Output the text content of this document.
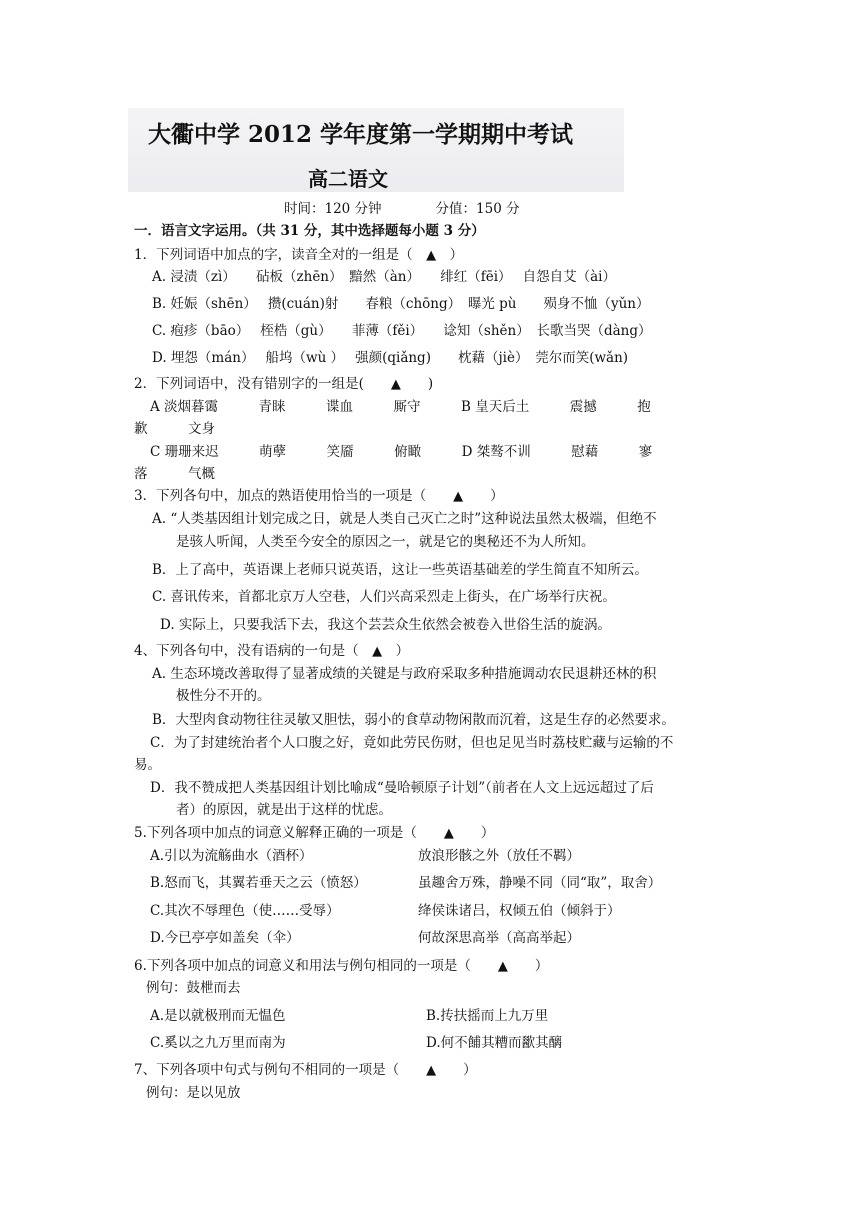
大衢中学 2012 学年度第一学期期中考试
高二语文
时间：120 分钟　　　　分值：150 分
一．语言文字运用。（共 31 分，其中选择题每小题 3 分）
1．下列词语中加点的字，读音全对的一组是（　▲　）
A. 浸渍（zì）　　砧板（zhēn）　黯然（àn）　　绯红（fēi）　 自怨自艾（ài）
B. 妊娠（shēn）　 攒(cuán)射　　春粮（chōng）　曝光 pù　　殒身不恤（yǔn）
C. 疱疹（bāo）　 桎梏（gù）　　菲薄（fěi）　　谂知（shěn）　长歌当哭（dàng）
D. 埋怨（mán）　 船坞（wù ）　 强颜(qiǎng)　　枕藉（jiè）　莞尔而笑(wǎn)
2．下列词语中，没有错别字的一组是(　　▲　　)
A 淡烟暮霭　　　青睐　　　谍血　　　厮守　　　B 皇天后土　　　震撼　　　抱
歉　　　文身
C 珊珊来迟　　　萌孽　　　笑靥　　　俯瞰　　　D 桀骜不训　　　慰藉　　　寥
落　　　气概
3．下列各句中，加点的熟语使用恰当的一项是（　　▲　　）
A. “人类基因组计划完成之日，就是人类自己灭亡之时”这种说法虽然太极端，但绝不
是骇人听闻，人类至今安全的原因之一，就是它的奥秘还不为人所知。
B．上了高中，英语课上老师只说英语，这让一些英语基础差的学生简直不知所云。
C. 喜讯传来，首都北京万人空巷，人们兴高采烈走上街头，在广场举行庆祝。
D. 实际上，只要我活下去，我这个芸芸众生依然会被卷入世俗生活的旋涡。
4、下列各句中，没有语病的一句是（　▲　）
A. 生态环境改善取得了显著成绩的关键是与政府采取多种措施调动农民退耕还林的积
极性分不开的。
B．大型肉食动物往往灵敏又胆怯，弱小的食草动物闲散而沉着，这是生存的必然要求。
C．为了封建统治者个人口腹之好，竟如此劳民伤财，但也足见当时荔枝贮藏与运输的不
易。
D．我不赞成把人类基因组计划比喻成“曼哈顿原子计划”（前者在人文上远远超过了后
者）的原因，就是出于这样的忧虑。
5.下列各项中加点的词意义解释正确的一项是（　　▲　　）
A.引以为流觞曲水（酒杯）	放浪形骸之外（放任不羁）
B.怒而飞，其翼若垂天之云（愤怒）	虽趣舍万殊，静噪不同（同“取”，取舍）
C.其次不辱理色（使……受辱）	绛侯诛诸吕，权倾五伯（倾斜于）
D.今已亭亭如盖矣（伞）	何故深思高举（高高举起）
6.下列各项中加点的词意义和用法与例句相同的一项是（　　▲　　）
例句：鼓枻而去
A.是以就极刑而无愠色	B.抟扶摇而上九万里
C.奚以之九万里而南为	D.何不餔其糟而歠其醨
7、下列各项中句式与例句不相同的一项是（　　▲　　）
例句：是以见放
